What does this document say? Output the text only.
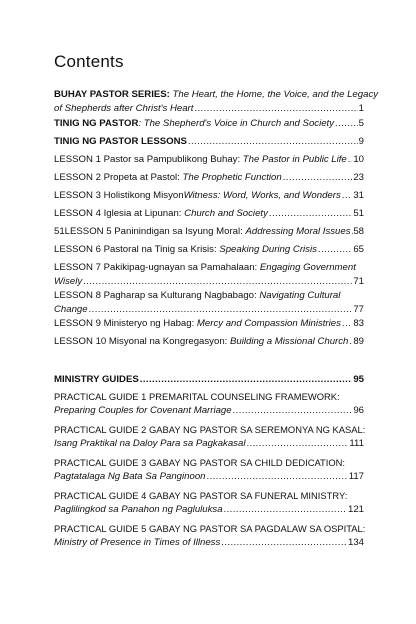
Contents
BUHAY PASTOR SERIES: The Heart, the Home, the Voice, and the Legacy
of Shepherds after Christ's Heart .....	1
TINIG NG PASTOR: The Shepherd's Voice in Church and Society .....	5
TINIG NG PASTOR LESSONS .....	9
LESSON 1 Pastor sa Pampublikong Buhay: The Pastor in Public Life ..... 10
LESSON 2 Propeta at Pastol: The Prophetic Function .....	23
LESSON 3 Holistikong MisyonWitness: Word, Works, and Wonders ..... 31
LESSON 4 Iglesia at Lipunan: Church and Society .....	51
51LESSON 5 Paninindigan sa Isyung Moral: Addressing Moral Issues ..... 58
LESSON 6 Pastoral na Tinig sa Krisis: Speaking During Crisis .....	65
LESSON 7 Pakikipag-ugnayan sa Pamahalaan: Engaging Government
Wisely .....	71
LESSON 8 Pagharap sa Kulturang Nagbabago: Navigating Cultural
Change .....	77
LESSON 9 Ministeryo ng Habag: Mercy and Compassion Ministries ..... 83
LESSON 10 Misyonal na Kongregasyon: Building a Missional Church ..... 89
MINISTRY GUIDES .....	95
PRACTICAL GUIDE 1 PREMARITAL COUNSELING FRAMEWORK:
Preparing Couples for Covenant Marriage .....	96
PRACTICAL GUIDE 2 GABAY NG PASTOR SA SEREMONYA NG KASAL:
Isang Praktikal na Daloy Para sa Pagkakasal .....	111
PRACTICAL GUIDE 3 GABAY NG PASTOR SA CHILD DEDICATION:
Pagtatalaga Ng Bata Sa Panginoon .....	117
PRACTICAL GUIDE 4 GABAY NG PASTOR SA FUNERAL MINISTRY:
Paglilingkod sa Panahon ng Pagluluksa .....	121
PRACTICAL GUIDE 5 GABAY NG PASTOR SA PAGDALAW SA OSPITAL:
Ministry of Presence in Times of Illness .....	134
